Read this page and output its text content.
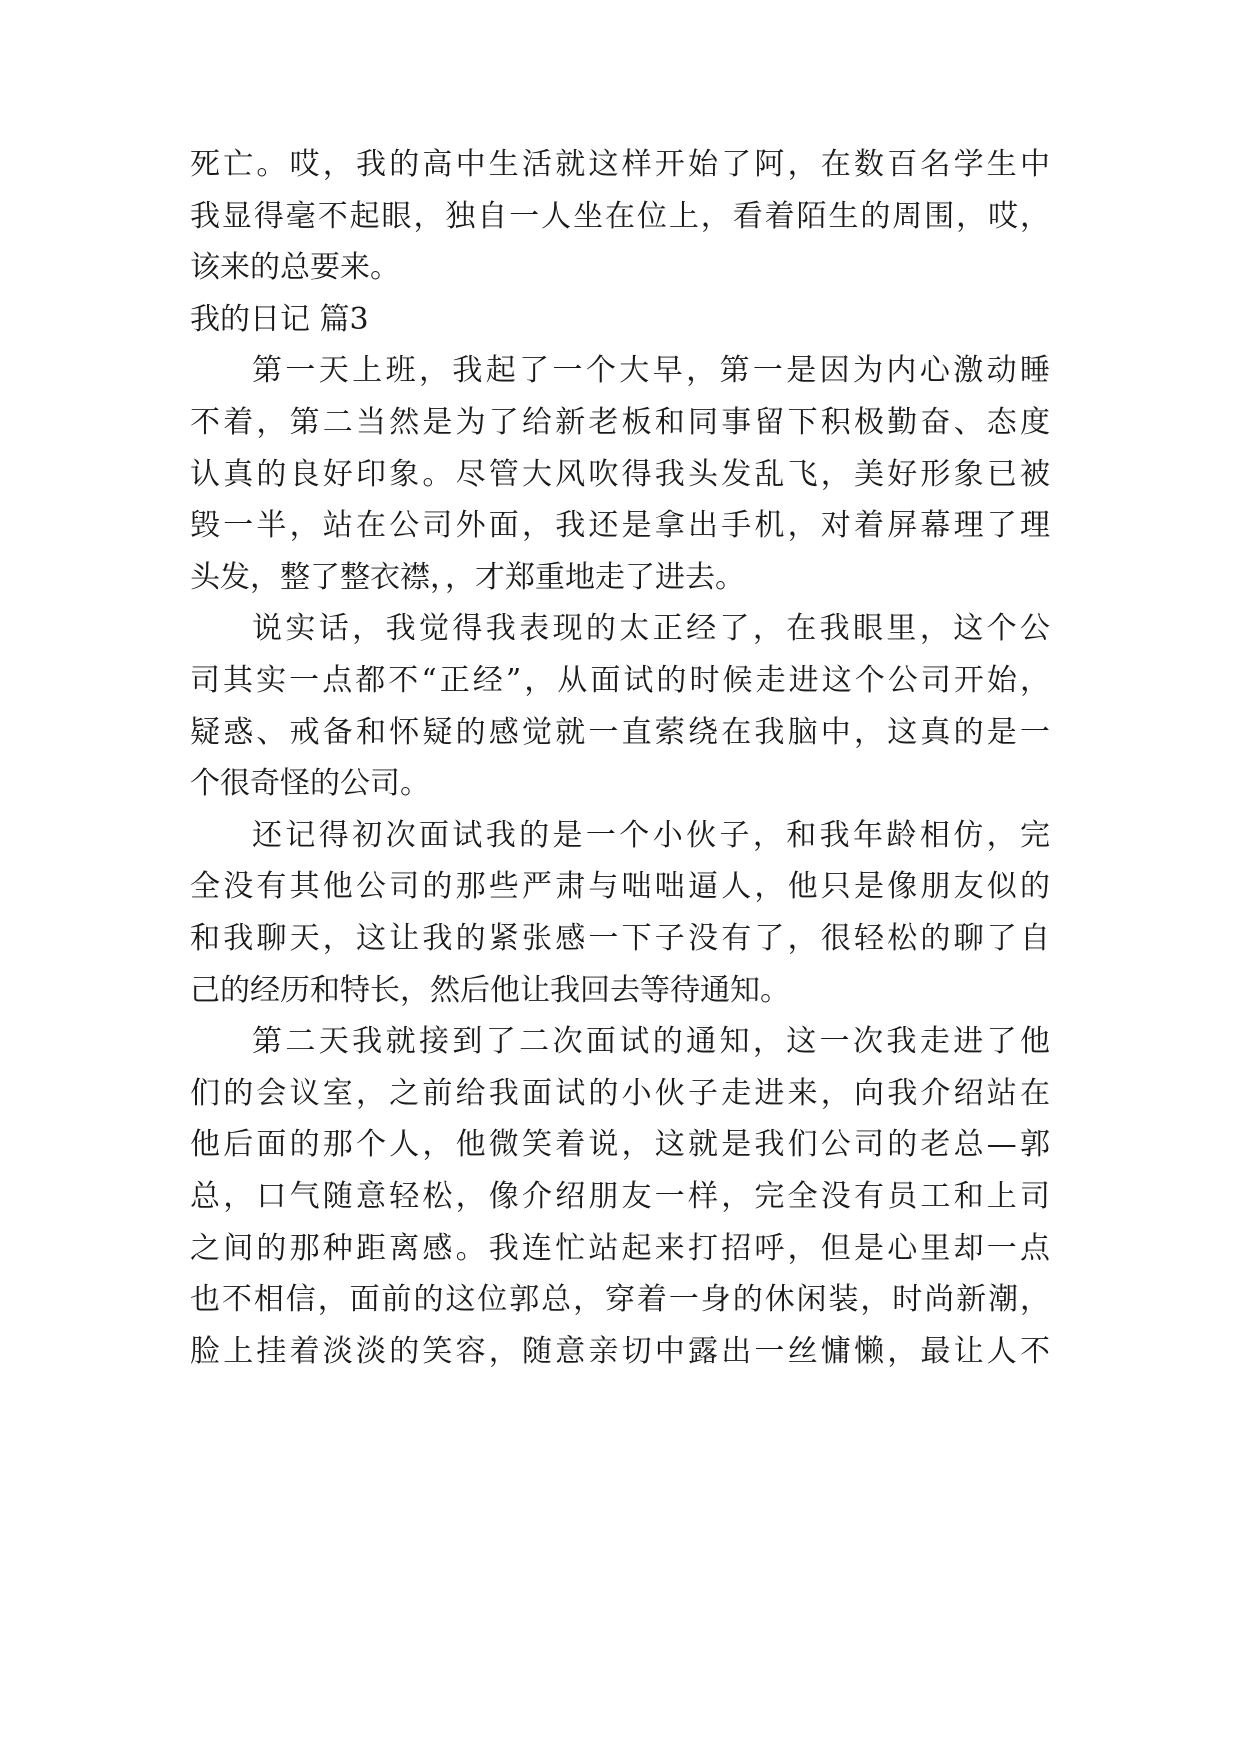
死亡。哎，我的高中生活就这样开始了阿，在数百名学生中
我显得毫不起眼，独自一人坐在位上，看着陌生的周围，哎，
该来的总要来。
我的日记 篇3
第一天上班，我起了一个大早，第一是因为内心激动睡
不着，第二当然是为了给新老板和同事留下积极勤奋、态度
认真的良好印象。尽管大风吹得我头发乱飞，美好形象已被
毁一半，站在公司外面，我还是拿出手机，对着屏幕理了理
头发，整了整衣襟，，才郑重地走了进去。
说实话，我觉得我表现的太正经了，在我眼里，这个公
司其实一点都不“正经”，从面试的时候走进这个公司开始，
疑惑、戒备和怀疑的感觉就一直萦绕在我脑中，这真的是一
个很奇怪的公司。
还记得初次面试我的是一个小伙子，和我年龄相仿，完
全没有其他公司的那些严肃与咄咄逼人，他只是像朋友似的
和我聊天，这让我的紧张感一下子没有了，很轻松的聊了自
己的经历和特长，然后他让我回去等待通知。
第二天我就接到了二次面试的通知，这一次我走进了他
们的会议室，之前给我面试的小伙子走进来，向我介绍站在
他后面的那个人，他微笑着说，这就是我们公司的老总—郭
总，口气随意轻松，像介绍朋友一样，完全没有员工和上司
之间的那种距离感。我连忙站起来打招呼，但是心里却一点
也不相信，面前的这位郭总，穿着一身的休闲装，时尚新潮，
脸上挂着淡淡的笑容，随意亲切中露出一丝慵懒，最让人不
